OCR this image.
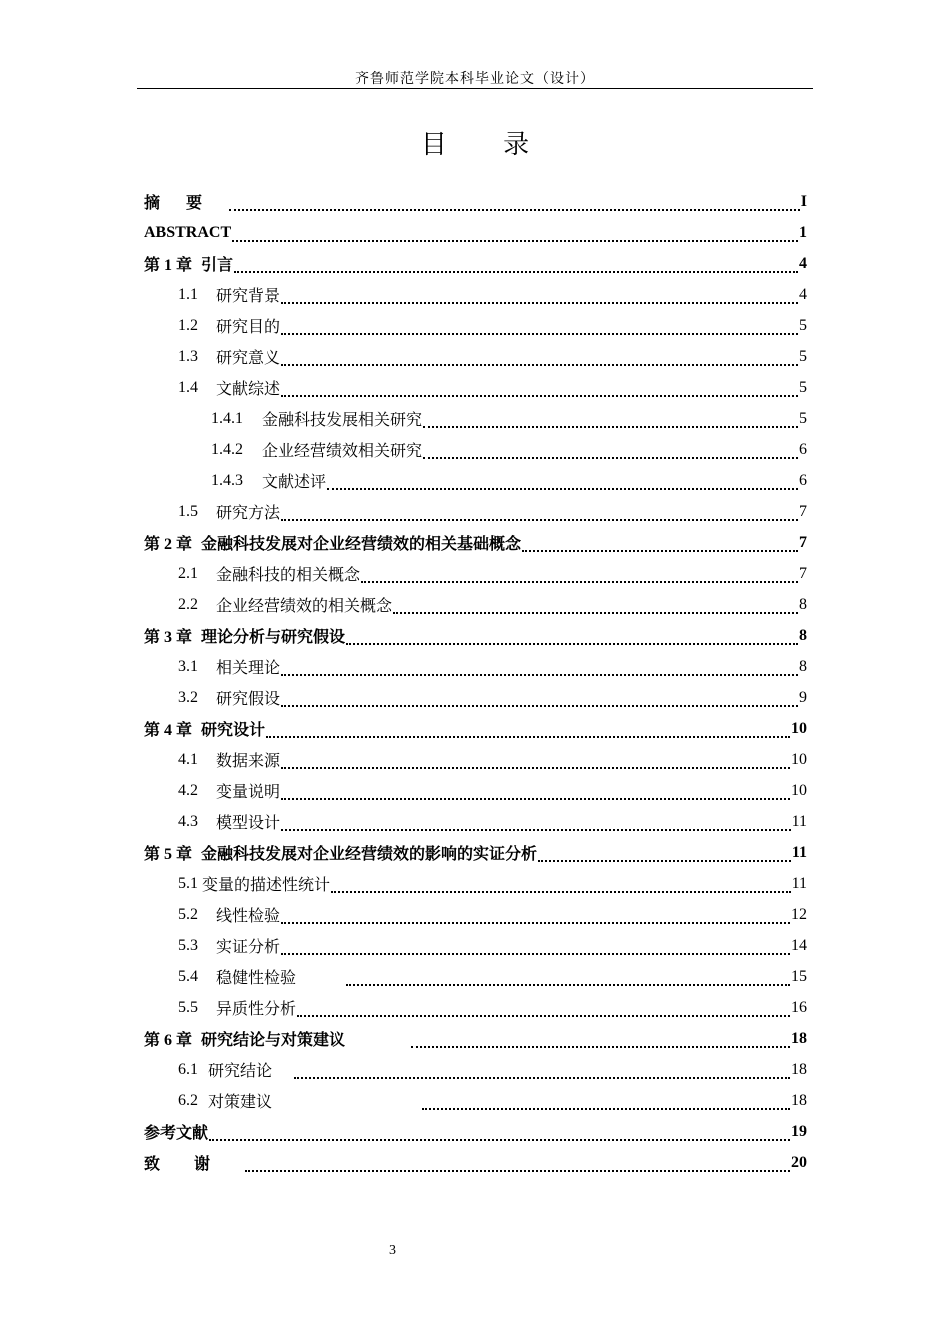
齐鲁师范学院本科毕业论文（设计）
目 录
摘要	I
ABSTRACT	1
第 1 章 引言	4
1.1	研究背景	4
1.2	研究目的	5
1.3	研究意义	5
1.4	文献综述	5
1.4.1	金融科技发展相关研究	5
1.4.2	企业经营绩效相关研究	6
1.4.3	文献述评	6
1.5	研究方法	7
第 2 章 金融科技发展对企业经营绩效的相关基础概念	7
2.1	金融科技的相关概念	7
2.2	企业经营绩效的相关概念	8
第 3 章 理论分析与研究假设	8
3.1	相关理论	8
3.2	研究假设	9
第 4 章 研究设计	10
4.1	数据来源	10
4.2	变量说明	10
4.3	模型设计	11
第 5 章 金融科技发展对企业经营绩效的影响的实证分析	11
5.1 变量的描述性统计	11
5.2	线性检验	12
5.3	实证分析	14
5.4	稳健性检验	15
5.5	异质性分析	16
第 6 章 研究结论与对策建议	18
6.1 研究结论	18
6.2 对策建议	18
参考文献	19
致谢	20
3
